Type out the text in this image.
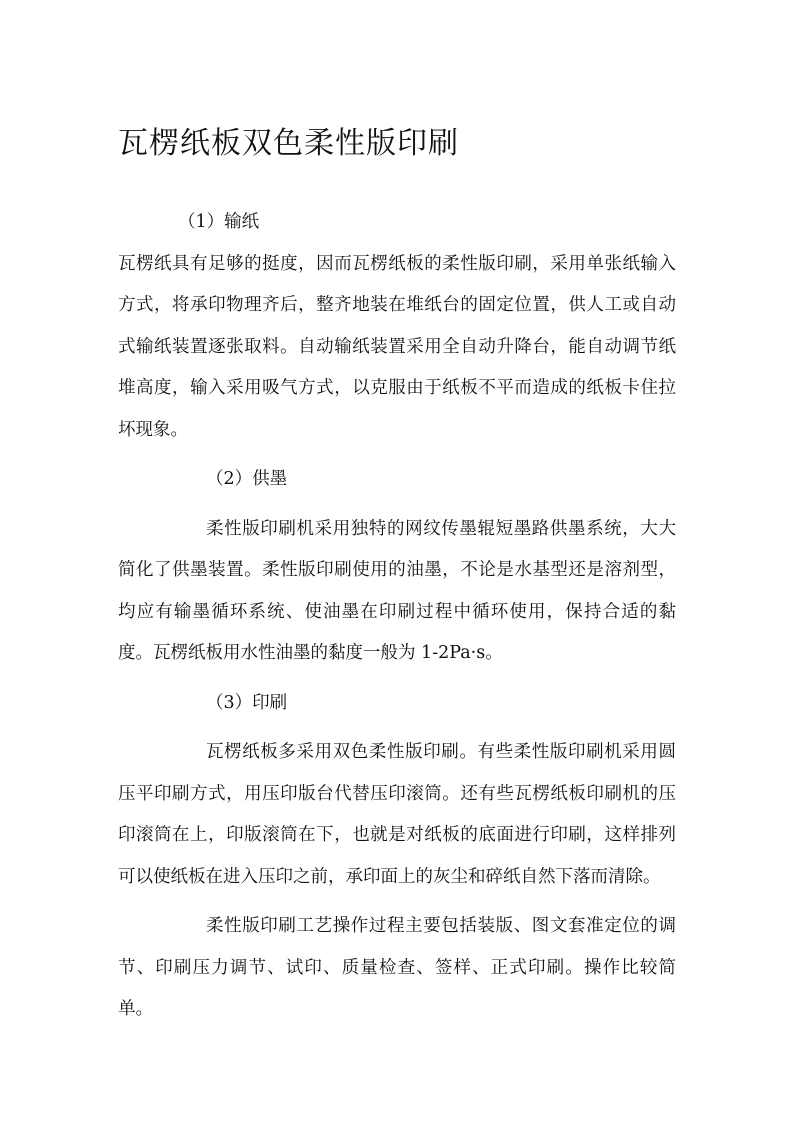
瓦楞纸板双色柔性版印刷
（1）输纸

瓦楞纸具有足够的挺度，因而瓦楞纸板的柔性版印刷，采用单张纸输入方式，将承印物理齐后，整齐地装在堆纸台的固定位置，供人工或自动式输纸装置逐张取料。自动输纸装置采用全自动升降台，能自动调节纸堆高度，输入采用吸气方式，以克服由于纸板不平而造成的纸板卡住拉坏现象。

（2）供墨

柔性版印刷机采用独特的网纹传墨辊短墨路供墨系统，大大简化了供墨装置。柔性版印刷使用的油墨，不论是水基型还是溶剂型，均应有输墨循环系统、使油墨在印刷过程中循环使用，保持合适的黏度。瓦楞纸板用水性油墨的黏度一般为 1-2Pa·s。

（3）印刷

瓦楞纸板多采用双色柔性版印刷。有些柔性版印刷机采用圆压平印刷方式，用压印版台代替压印滚筒。还有些瓦楞纸板印刷机的压印滚筒在上，印版滚筒在下，也就是对纸板的底面进行印刷，这样排列可以使纸板在进入压印之前，承印面上的灰尘和碎纸自然下落而清除。

柔性版印刷工艺操作过程主要包括装版、图文套准定位的调节、印刷压力调节、试印、质量检查、签样、正式印刷。操作比较简单。
